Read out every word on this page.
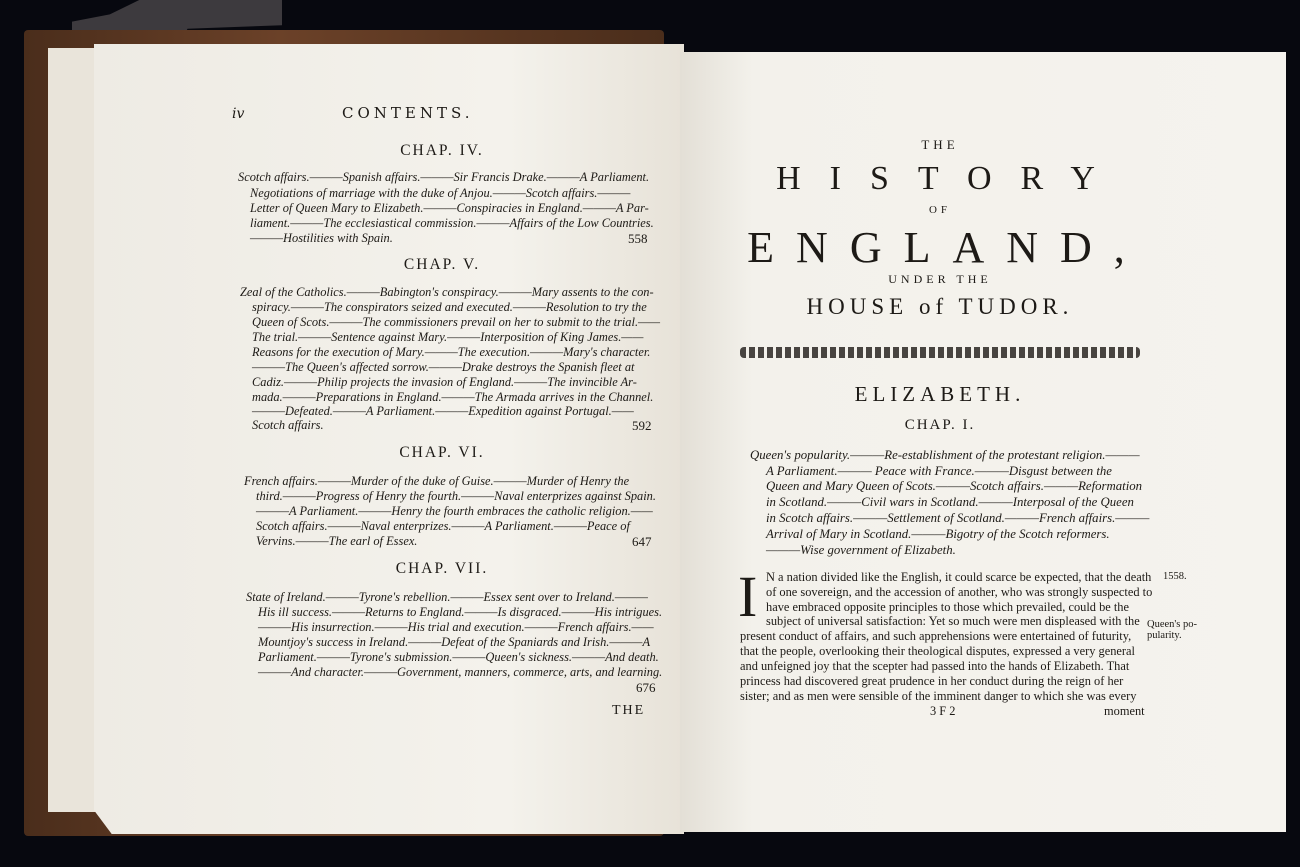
iv	CONTENTS.
CHAP. IV.
Scotch affairs.———Spanish affairs.———Sir Francis Drake.———A Parliament.
Negotiations of marriage with the duke of Anjou.———Scotch affairs.———
Letter of Queen Mary to Elizabeth.———Conspiracies in England.———A Par-
liament.———The ecclesiastical commission.———Affairs of the Low Countries.
———Hostilities with Spain.	558
CHAP. V.
Zeal of the Catholics.———Babington's conspiracy.———Mary assents to the con-
spiracy.———The conspirators seized and executed.———Resolution to try the
Queen of Scots.———The commissioners prevail on her to submit to the trial.——
The trial.———Sentence against Mary.———Interposition of King James.——
Reasons for the execution of Mary.———The execution.———Mary's character.
———The Queen's affected sorrow.———Drake destroys the Spanish fleet at
Cadiz.———Philip projects the invasion of England.———The invincible Ar-
mada.———Preparations in England.———The Armada arrives in the Channel.
———Defeated.———A Parliament.———Expedition against Portugal.——
Scotch affairs.	592
CHAP. VI.
French affairs.———Murder of the duke of Guise.———Murder of Henry the
third.———Progress of Henry the fourth.———Naval enterprizes against Spain.
———A Parliament.———Henry the fourth embraces the catholic religion.——
Scotch affairs.———Naval enterprizes.———A Parliament.———Peace of
Vervins.———The earl of Essex.	647
CHAP. VII.
State of Ireland.———Tyrone's rebellion.———Essex sent over to Ireland.———
His ill success.———Returns to England.———Is disgraced.———His intrigues.
———His insurrection.———His trial and execution.———French affairs.——
Mountjoy's success in Ireland.———Defeat of the Spaniards and Irish.———A
Parliament.———Tyrone's submission.———Queen's sickness.———And death.
———And character.———Government, manners, commerce, arts, and learning.
676
THE
THE
HISTORY
OF
ENGLAND,
UNDER THE
HOUSE of TUDOR.
ELIZABETH.
CHAP. I.
Queen's popularity.———Re-establishment of the protestant religion.———
A Parliament.——— Peace with France.———Disgust between the
Queen and Mary Queen of Scots.———Scotch affairs.———Reformation
in Scotland.———Civil wars in Scotland.———Interposal of the Queen
in Scotch affairs.———Settlement of Scotland.———French affairs.———
Arrival of Mary in Scotland.———Bigotry of the Scotch reformers.
———Wise government of Elizabeth.
I N a nation divided like the English, it could scarce be expected, that the death
of one sovereign, and the accession of another, who was strongly suspected to
have embraced opposite principles to those which prevailed, could be the
subject of universal satisfaction: Yet so much were men displeased with the
present conduct of affairs, and such apprehensions were entertained of futurity,
that the people, overlooking their theological disputes, expressed a very general
and unfeigned joy that the scepter had passed into the hands of Elizabeth. That
princess had discovered great prudence in her conduct during the reign of her
sister; and as men were sensible of the imminent danger to which she was every
1558.
Queen's po-
pularity.
3 F 2	moment
